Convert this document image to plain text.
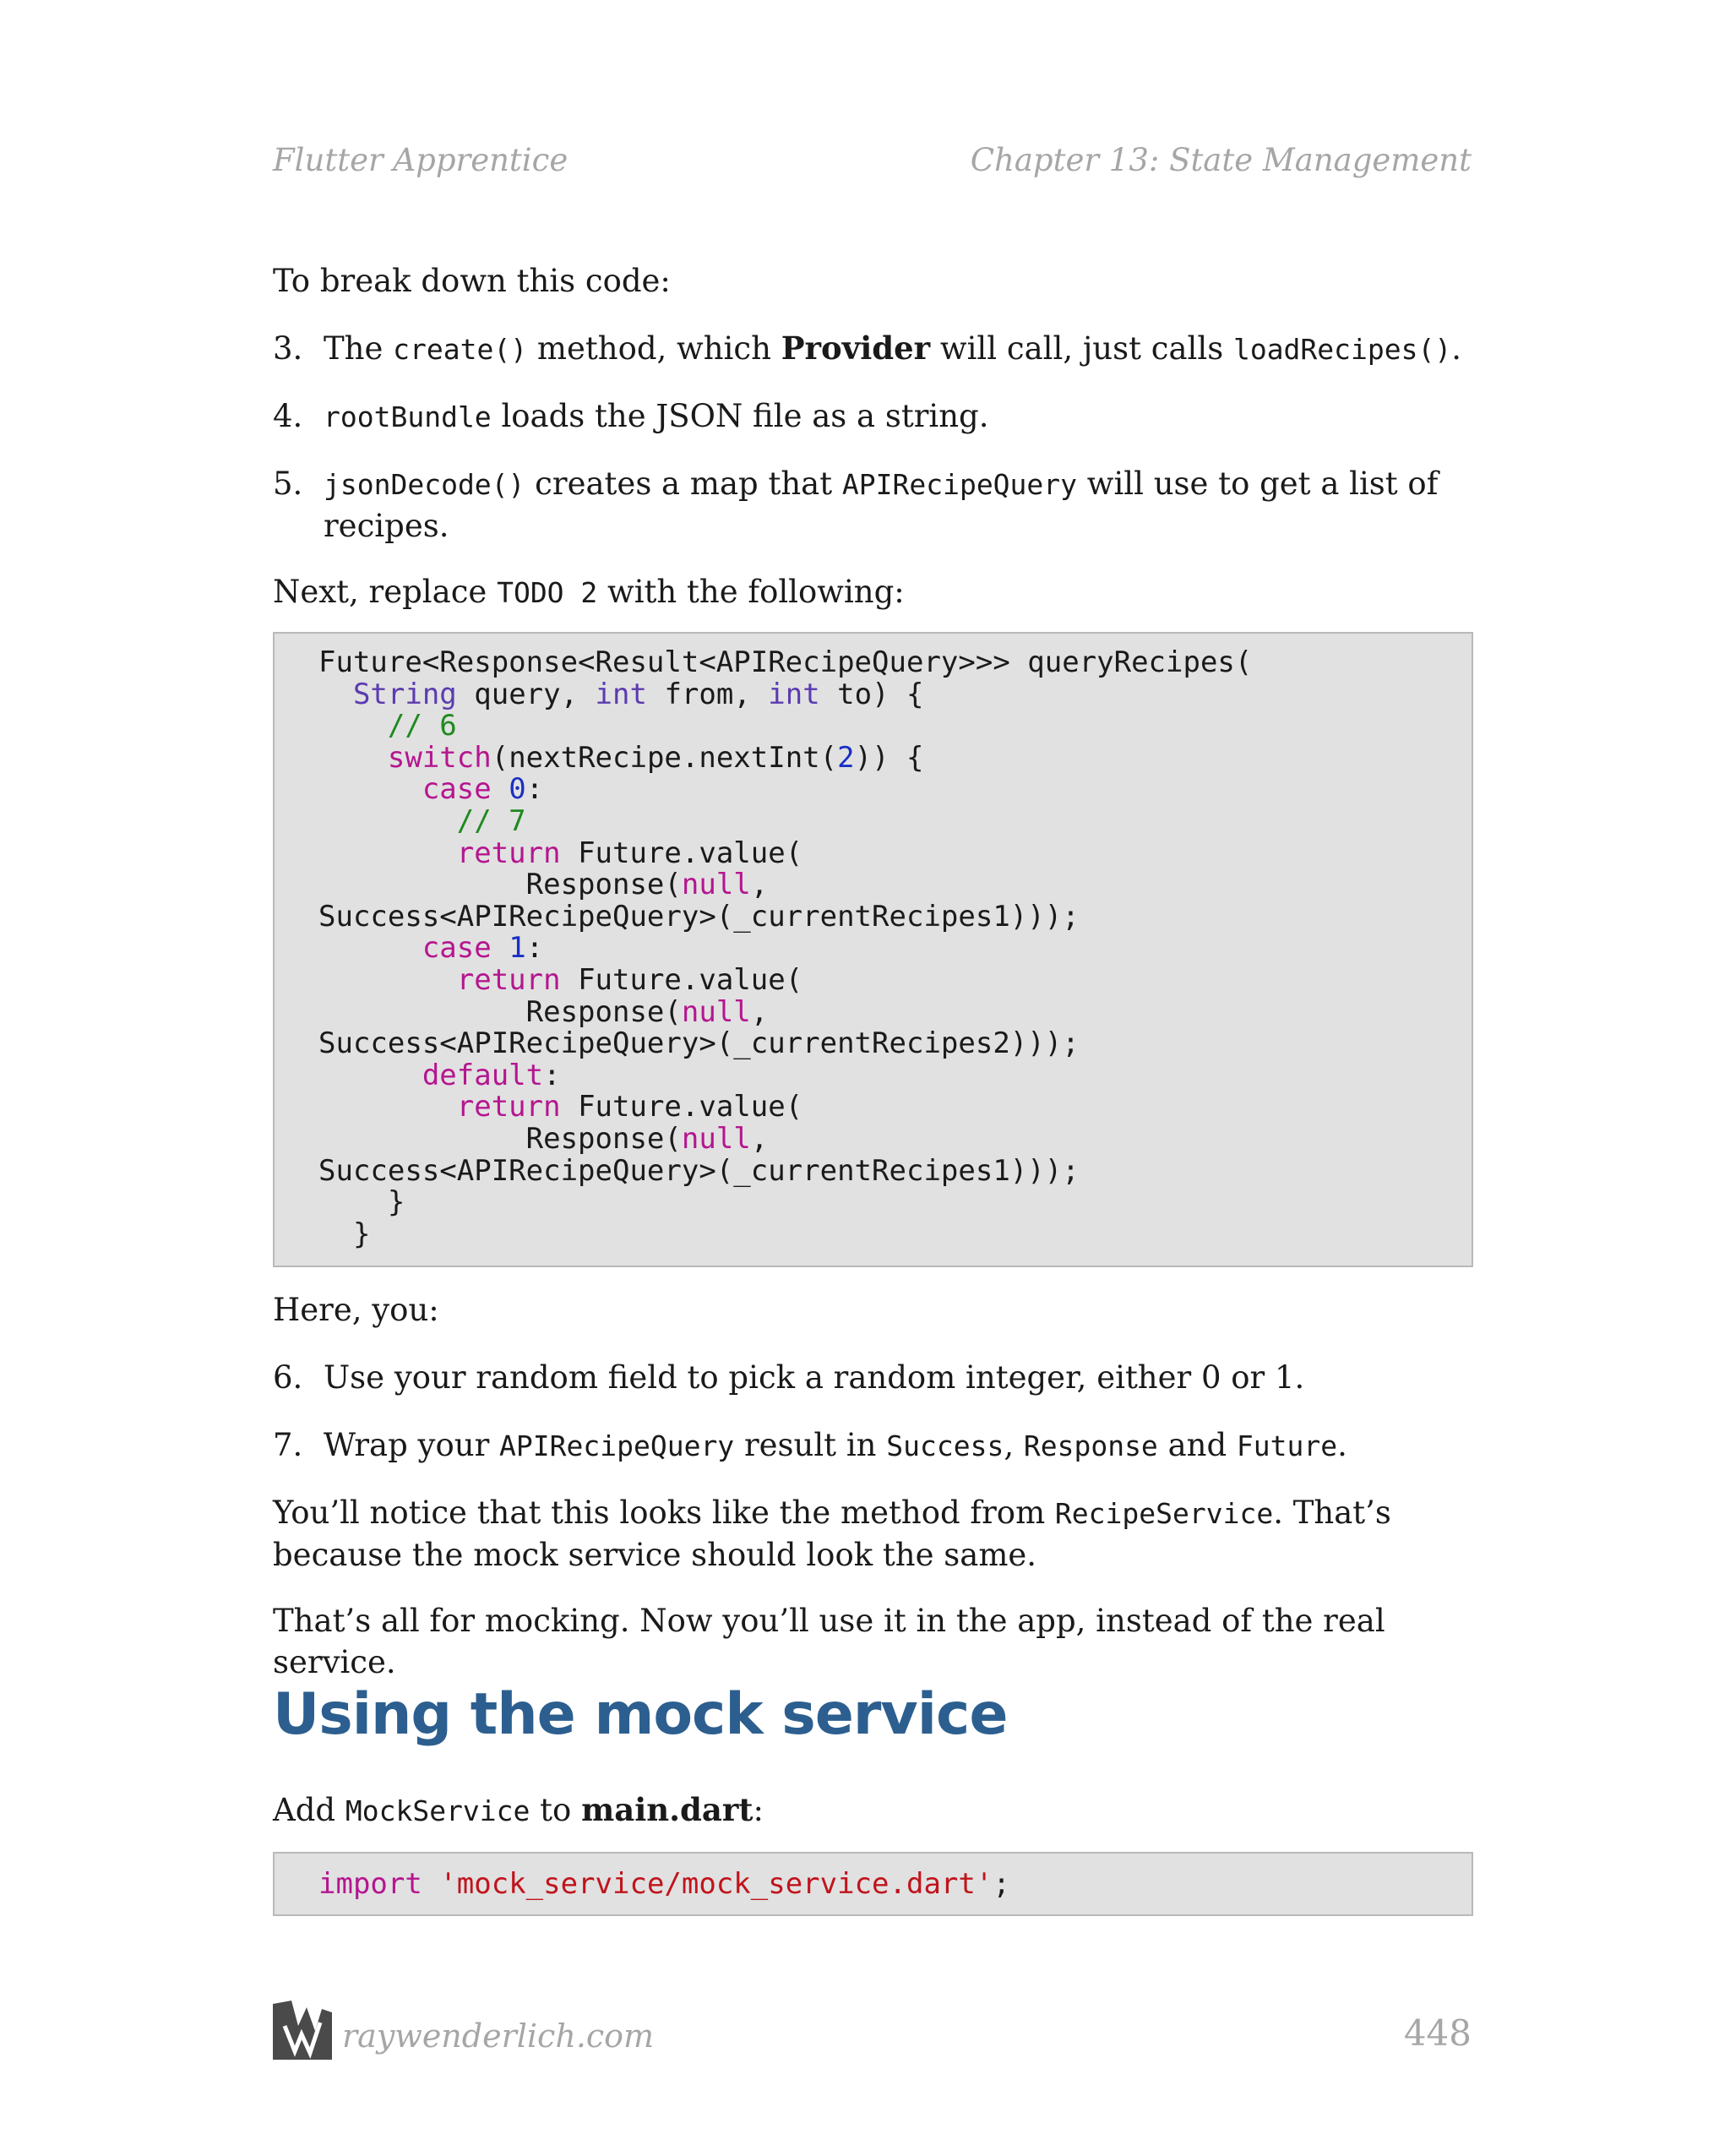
Flutter Apprentice	Chapter 13: State Management
To break down this code:
3. The create() method, which Provider will call, just calls loadRecipes().
4. rootBundle loads the JSON file as a string.
5. jsonDecode() creates a map that APIRecipeQuery will use to get a list of recipes.
Next, replace TODO 2 with the following:
Future<Response<Result<APIRecipeQuery>>> queryRecipes(
String query, int from, int to) {
// 6
switch(nextRecipe.nextInt(2)) {
case 0:
// 7
return Future.value(
Response(null,
Success<APIRecipeQuery>(_currentRecipes1)));
case 1:
return Future.value(
Response(null,
Success<APIRecipeQuery>(_currentRecipes2)));
default:
return Future.value(
Response(null,
Success<APIRecipeQuery>(_currentRecipes1)));
}
}
Here, you:
6. Use your random field to pick a random integer, either 0 or 1.
7. Wrap your APIRecipeQuery result in Success, Response and Future.
You’ll notice that this looks like the method from RecipeService. That’s because the mock service should look the same.
That’s all for mocking. Now you’ll use it in the app, instead of the real service.
Using the mock service
Add MockService to main.dart:
import 'mock_service/mock_service.dart';
raywenderlich.com	448
